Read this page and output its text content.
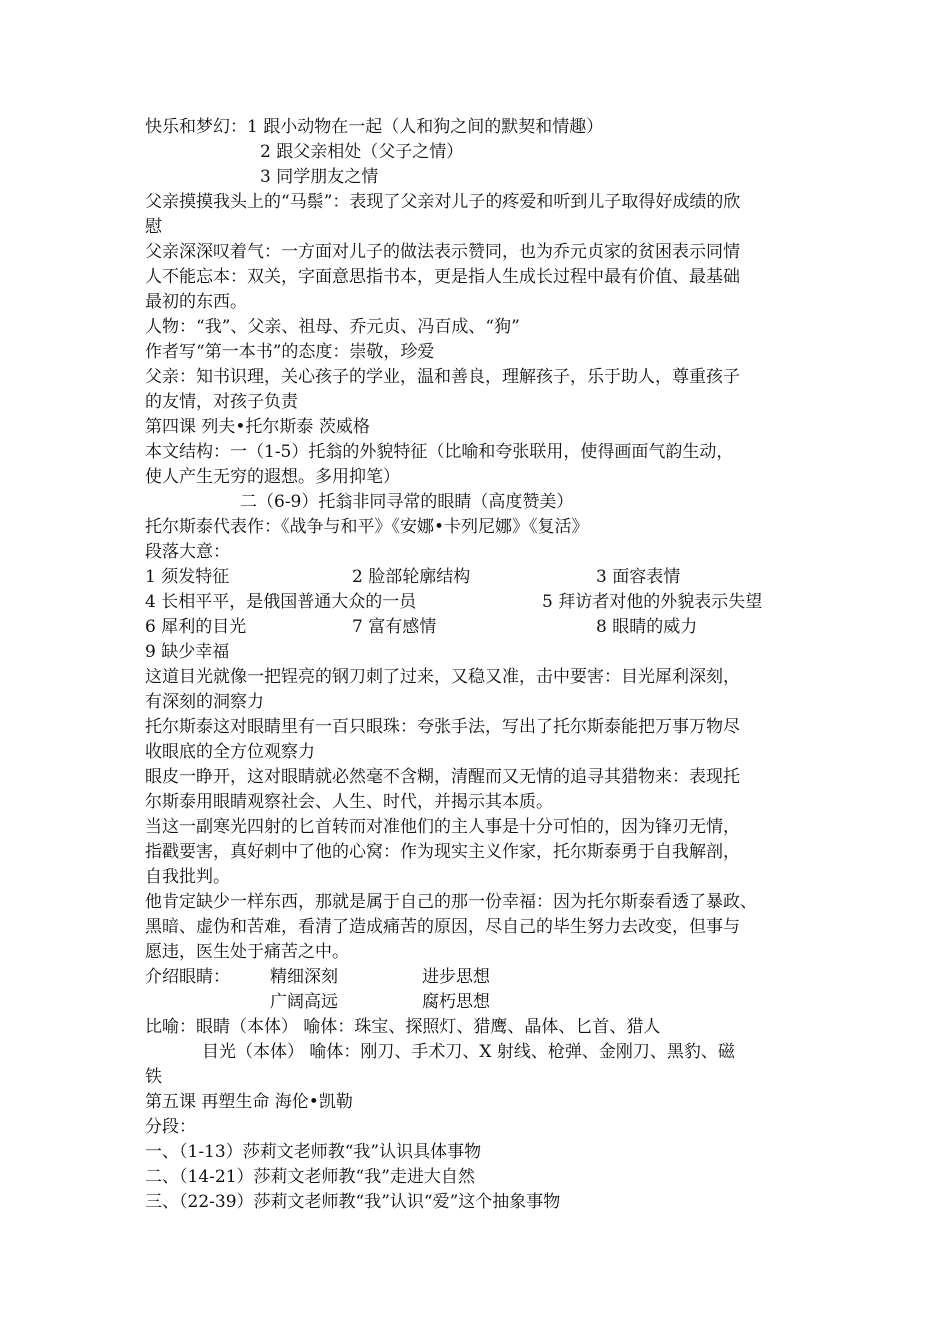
快乐和梦幻：1 跟小动物在一起（人和狗之间的默契和情趣）
2 跟父亲相处（父子之情）
3 同学朋友之情
父亲摸摸我头上的“马鬃”：表现了父亲对儿子的疼爱和听到儿子取得好成绩的欣
慰
父亲深深叹着气：一方面对儿子的做法表示赞同，也为乔元贞家的贫困表示同情
人不能忘本：双关，字面意思指书本，更是指人生成长过程中最有价值、最基础
最初的东西。
人物：“我”、父亲、祖母、乔元贞、冯百成、“狗”
作者写“第一本书”的态度：崇敬，珍爱
父亲：知书识理，关心孩子的学业，温和善良，理解孩子，乐于助人，尊重孩子
的友情，对孩子负责
第四课 列夫•托尔斯泰 茨威格
本文结构：一（1-5）托翁的外貌特征（比喻和夸张联用，使得画面气韵生动，
使人产生无穷的遐想。多用抑笔）
二（6-9）托翁非同寻常的眼睛（高度赞美）
托尔斯泰代表作：《战争与和平》《安娜•卡列尼娜》《复活》
段落大意：
1 须发特征	2 脸部轮廓结构	3 面容表情
4 长相平平，是俄国普通大众的一员	5 拜访者对他的外貌表示失望
6 犀利的目光	7 富有感情	8 眼睛的威力
9 缺少幸福
这道目光就像一把锃亮的钢刀刺了过来，又稳又准，击中要害：目光犀利深刻，
有深刻的洞察力
托尔斯泰这对眼睛里有一百只眼珠：夸张手法，写出了托尔斯泰能把万事万物尽
收眼底的全方位观察力
眼皮一睁开，这对眼睛就必然毫不含糊，清醒而又无情的追寻其猎物来：表现托
尔斯泰用眼睛观察社会、人生、时代，并揭示其本质。
当这一副寒光四射的匕首转而对准他们的主人事是十分可怕的，因为锋刃无情，
指戳要害，真好刺中了他的心窝：作为现实主义作家，托尔斯泰勇于自我解剖，
自我批判。
他肯定缺少一样东西，那就是属于自己的那一份幸福：因为托尔斯泰看透了暴政、
黑暗、虚伪和苦难，看清了造成痛苦的原因，尽自己的毕生努力去改变，但事与
愿违，医生处于痛苦之中。
介绍眼睛： 精细深刻	进步思想
广阔高远	腐朽思想
比喻：眼睛（本体） 喻体：珠宝、探照灯、猎鹰、晶体、匕首、猎人
目光（本体） 喻体：刚刀、手术刀、X 射线、枪弹、金刚刀、黑豹、磁
铁
第五课 再塑生命 海伦•凯勒
分段：
一、（1-13）莎莉文老师教“我”认识具体事物
二、（14-21）莎莉文老师教“我”走进大自然
三、（22-39）莎莉文老师教“我”认识“爱”这个抽象事物
